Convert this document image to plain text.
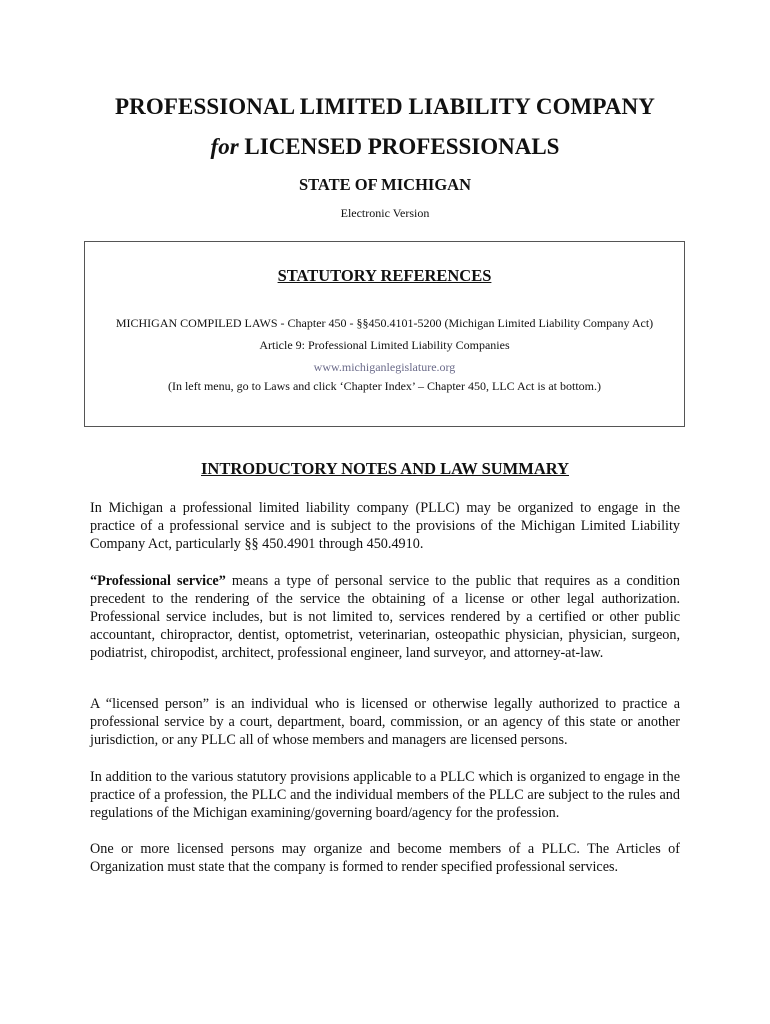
PROFESSIONAL LIMITED LIABILITY COMPANY
for LICENSED PROFESSIONALS
STATE OF MICHIGAN
Electronic Version
STATUTORY REFERENCES
MICHIGAN COMPILED LAWS - Chapter 450 - §§450.4101-5200 (Michigan Limited Liability Company Act)
Article 9: Professional Limited Liability Companies
www.michiganlegislature.org
(In left menu, go to Laws and click ‘Chapter Index’ – Chapter 450, LLC Act is at bottom.)
INTRODUCTORY NOTES AND LAW SUMMARY

In Michigan a professional limited liability company (PLLC) may be organized to engage in the practice of a professional service and is subject to the provisions of the Michigan Limited Liability Company Act, particularly §§ 450.4901 through 450.4910.

“Professional service” means a type of personal service to the public that requires as a condition precedent to the rendering of the service the obtaining of a license or other legal authorization. Professional service includes, but is not limited to, services rendered by a certified or other public accountant, chiropractor, dentist, optometrist, veterinarian, osteopathic physician, physician, surgeon, podiatrist, chiropodist, architect, professional engineer, land surveyor, and attorney-at-law.

A “licensed person” is an individual who is licensed or otherwise legally authorized to practice a professional service by a court, department, board, commission, or an agency of this state or another jurisdiction, or any PLLC all of whose members and managers are licensed persons.

In addition to the various statutory provisions applicable to a PLLC which is organized to engage in the practice of a profession, the PLLC and the individual members of the PLLC are subject to the rules and regulations of the Michigan examining/governing board/agency for the profession.

One or more licensed persons may organize and become members of a PLLC. The Articles of Organization must state that the company is formed to render specified professional services.
